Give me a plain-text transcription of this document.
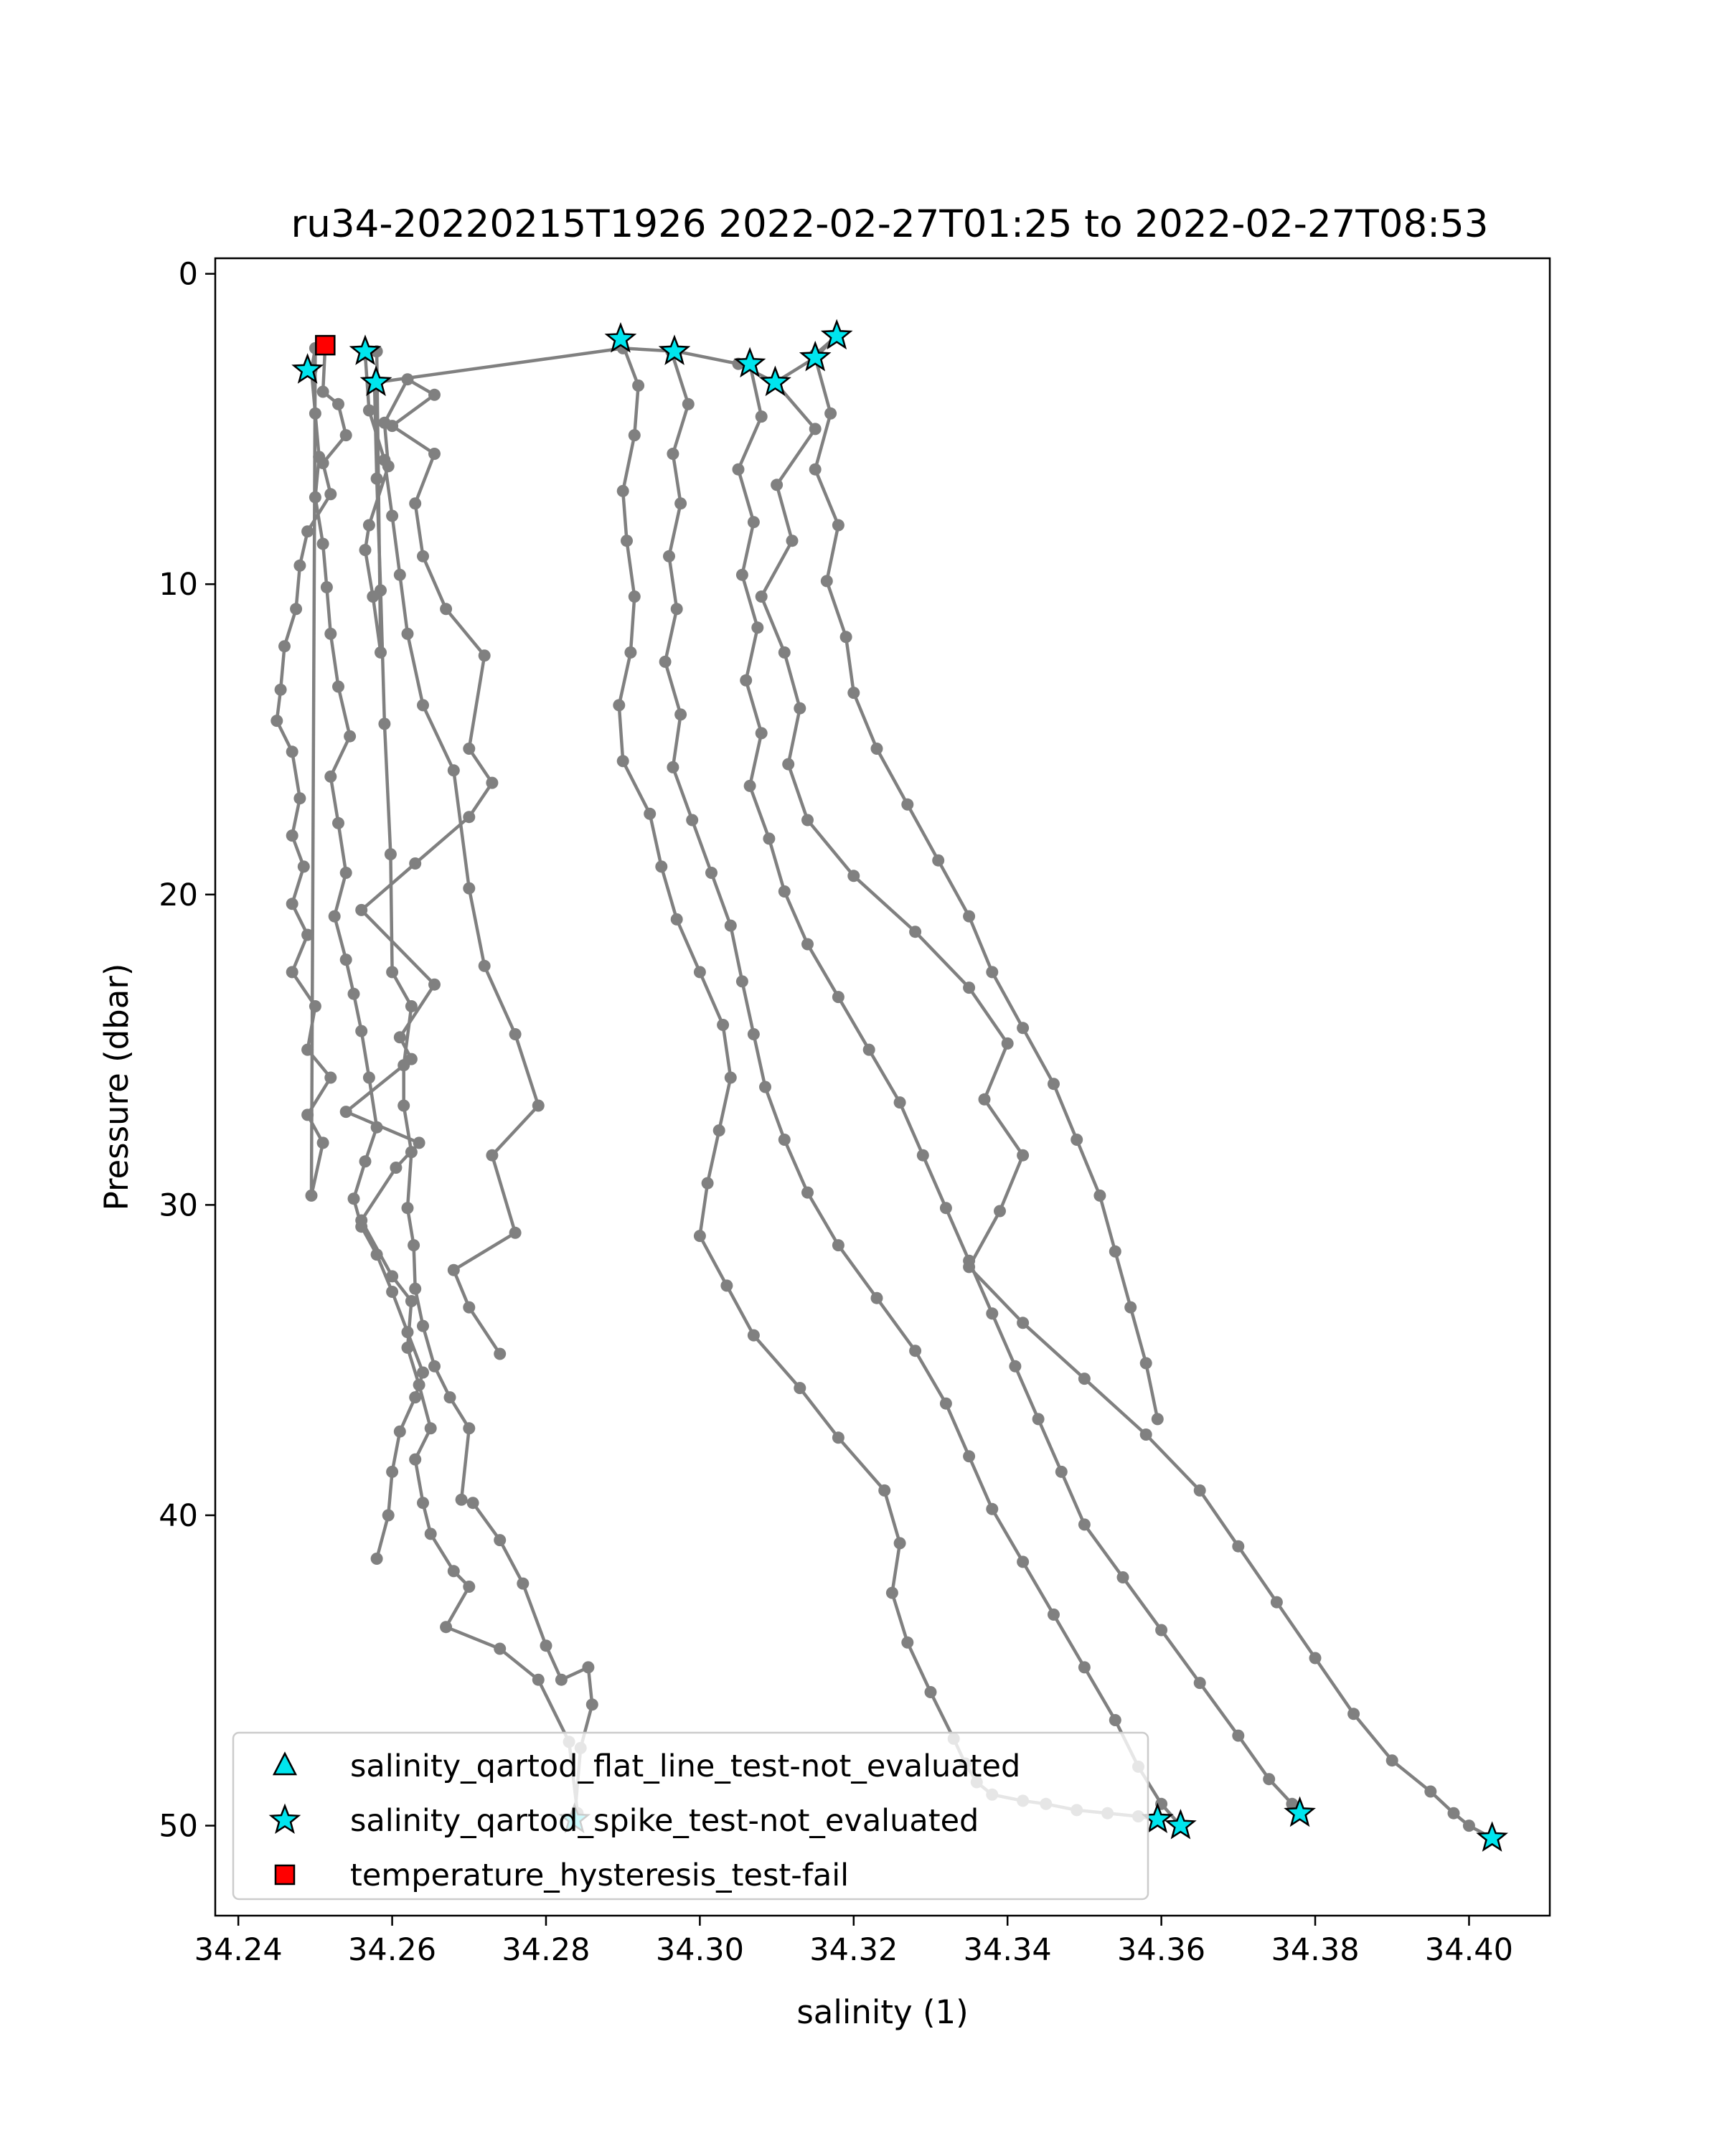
ru34-20220215T1926 2022-02-27T01:25 to 2022-02-27T08:53
34.24 34.26 34.28 34.30 34.32 34.34 34.36 34.38 34.40
0
10
20
30
40
50
salinity (1)
Pressure (dbar)
salinity_qartod_flat_line_test-not_evaluated
salinity_qartod_spike_test-not_evaluated
temperature_hysteresis_test-fail
